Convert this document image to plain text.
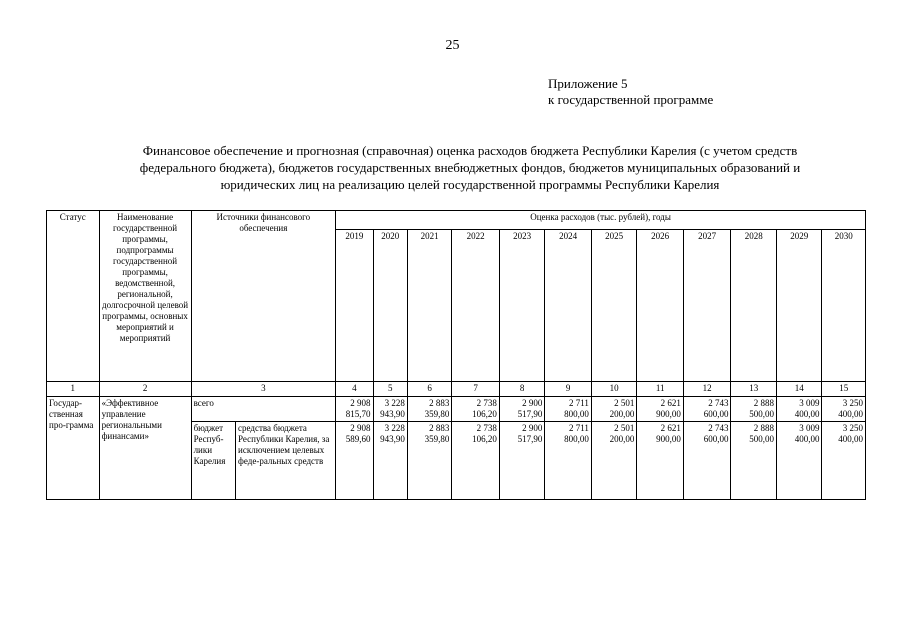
25
Приложение 5
к государственной программе
Финансовое обеспечение и прогнозная (справочная) оценка расходов бюджета Республики Карелия (с учетом средств
федерального бюджета), бюджетов государственных внебюджетных фондов, бюджетов муниципальных образований и
юридических лиц на реализацию целей государственной программы Республики Карелия
Статус	Наименование государственной программы, подпрограммы государственной программы, ведомственной, региональной, долгосрочной целевой программы, основных мероприятий и мероприятий	Источники финансового обеспечения		Оценка расходов (тыс. рублей), годы											
				2019	2020	2021	2022	2023	2024	2025	2026	2027	2028	2029	2030
1	2	3		4	5	6	7	8	9	10	11	12	13	14	15
Государ-ственная про-грамма	«Эффективное управление региональными финансами»	всего		2 908 815,70	3 228 943,90	2 883 359,80	2 738 106,20	2 900 517,90	2 711 800,00	2 501 200,00	2 621 900,00	2 743 600,00	2 888 500,00	3 009 400,00	3 250 400,00
		бюджет Респуб-лики Карелия	средства бюджета Республики Карелия, за исключением целевых феде-ральных средств	2 908 589,60	3 228 943,90	2 883 359,80	2 738 106,20	2 900 517,90	2 711 800,00	2 501 200,00	2 621 900,00	2 743 600,00	2 888 500,00	3 009 400,00	3 250 400,00
